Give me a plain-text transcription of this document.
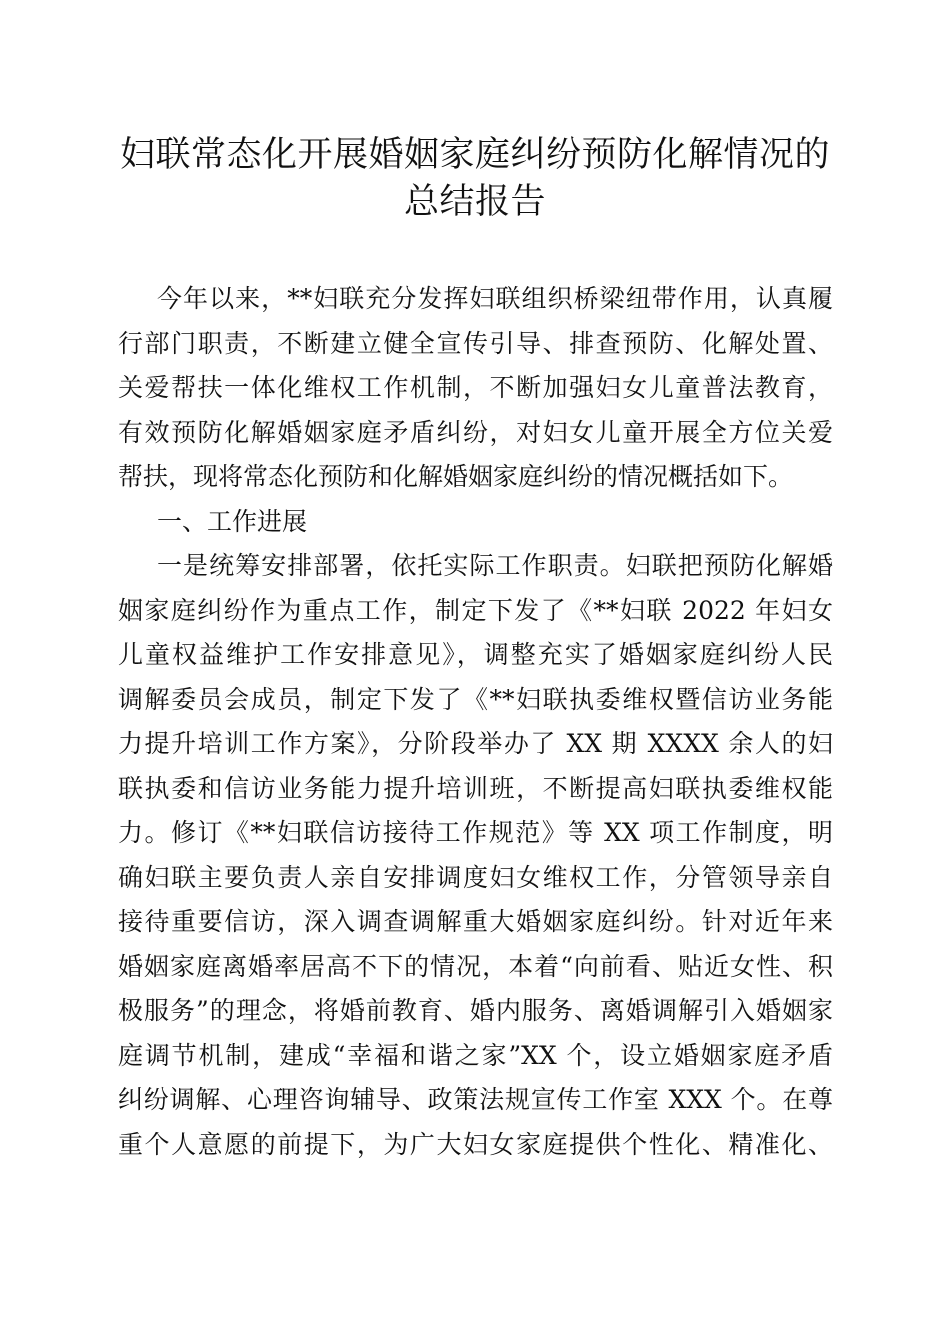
妇联常态化开展婚姻家庭纠纷预防化解情况的
总结报告
今年以来，**妇联充分发挥妇联组织桥梁纽带作用，认真履
行部门职责，不断建立健全宣传引导、排查预防、化解处置、
关爱帮扶一体化维权工作机制，不断加强妇女儿童普法教育，
有效预防化解婚姻家庭矛盾纠纷，对妇女儿童开展全方位关爱
帮扶，现将常态化预防和化解婚姻家庭纠纷的情况概括如下。
一、工作进展
一是统筹安排部署，依托实际工作职责。妇联把预防化解婚
姻家庭纠纷作为重点工作，制定下发了《**妇联 2022 年妇女
儿童权益维护工作安排意见》，调整充实了婚姻家庭纠纷人民
调解委员会成员，制定下发了《**妇联执委维权暨信访业务能
力提升培训工作方案》，分阶段举办了 XX 期 XXXX 余人的妇
联执委和信访业务能力提升培训班，不断提高妇联执委维权能
力。修订《**妇联信访接待工作规范》等 XX 项工作制度，明
确妇联主要负责人亲自安排调度妇女维权工作，分管领导亲自
接待重要信访，深入调查调解重大婚姻家庭纠纷。针对近年来
婚姻家庭离婚率居高不下的情况，本着“向前看、贴近女性、积
极服务”的理念，将婚前教育、婚内服务、离婚调解引入婚姻家
庭调节机制，建成“幸福和谐之家”XX 个，设立婚姻家庭矛盾
纠纷调解、心理咨询辅导、政策法规宣传工作室 XXX 个。在尊
重个人意愿的前提下，为广大妇女家庭提供个性化、精准化、
